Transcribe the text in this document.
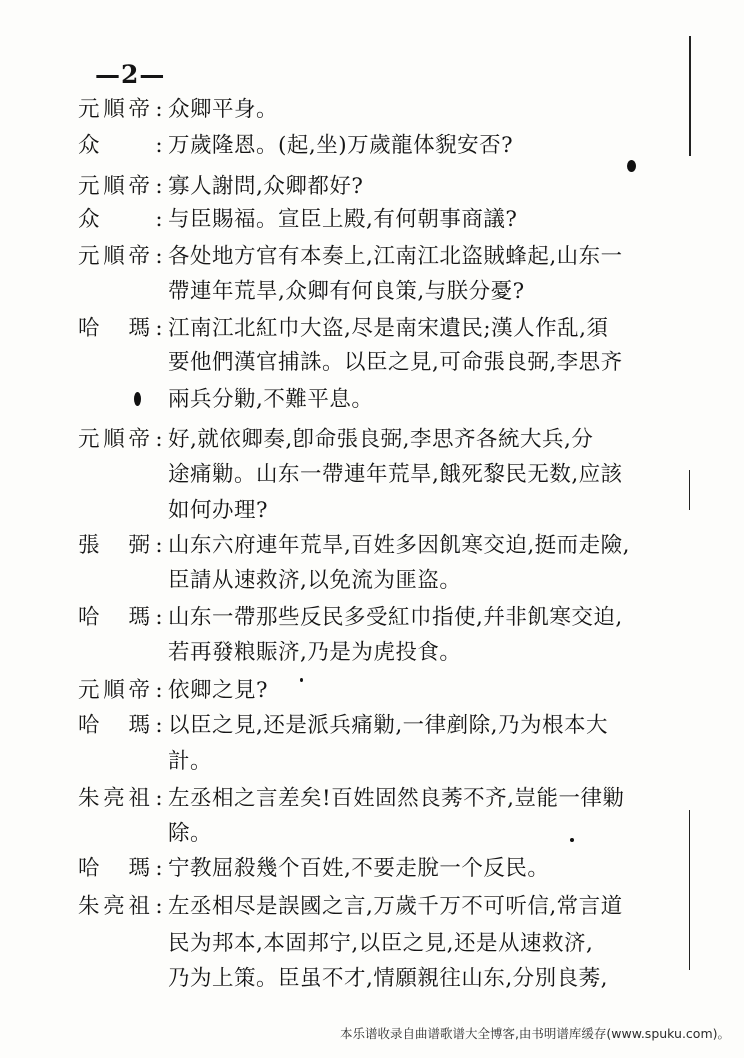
—2—
元順帝 : 众卿平身。
众	: 万歲隆恩。(起,坐)万歲龍体貎安否?
元順帝 : 寡人謝問,众卿都好?
众	: 与臣賜福。宣臣上殿,有何朝事商議?
元順帝 : 各处地方官有本奏上,江南江北盗賊蜂起,山东一
帶連年荒旱,众卿有何良策,与朕分憂?
哈 瑪 : 江南江北紅巾大盗,尽是南宋遺民;漢人作乱,須
要他們漢官捕誅。以臣之見,可命張良弼,李思齐
兩兵分勦,不難平息。
元順帝 : 好,就依卿奏,卽命張良弼,李思齐各統大兵,分
途痛勦。山东一帶連年荒旱,餓死黎民无数,应該
如何办理?
張 弼 : 山东六府連年荒旱,百姓多因飢寒交迫,挺而走險,
臣請从速救济,以免流为匪盗。
哈 瑪 : 山东一帶那些反民多受紅巾指使,幷非飢寒交迫,
若再發粮賑济,乃是为虎投食。
元順帝 : 依卿之見?
哈 瑪 : 以臣之見,还是派兵痛勦,一律剷除,乃为根本大
計。
朱亮祖 : 左丞相之言差矣!百姓固然良莠不齐,豈能一律勦
除。
哈 瑪 : 宁教屈殺幾个百姓,不要走脫一个反民。
朱亮祖 : 左丞相尽是誤國之言,万歲千万不可听信,常言道
民为邦本,本固邦宁,以臣之見,还是从速救济,
乃为上策。臣虽不才,情願親往山东,分別良莠,
本乐谱收录自曲谱歌谱大全博客,由书明谱库缓存(www.spuku.com)。
